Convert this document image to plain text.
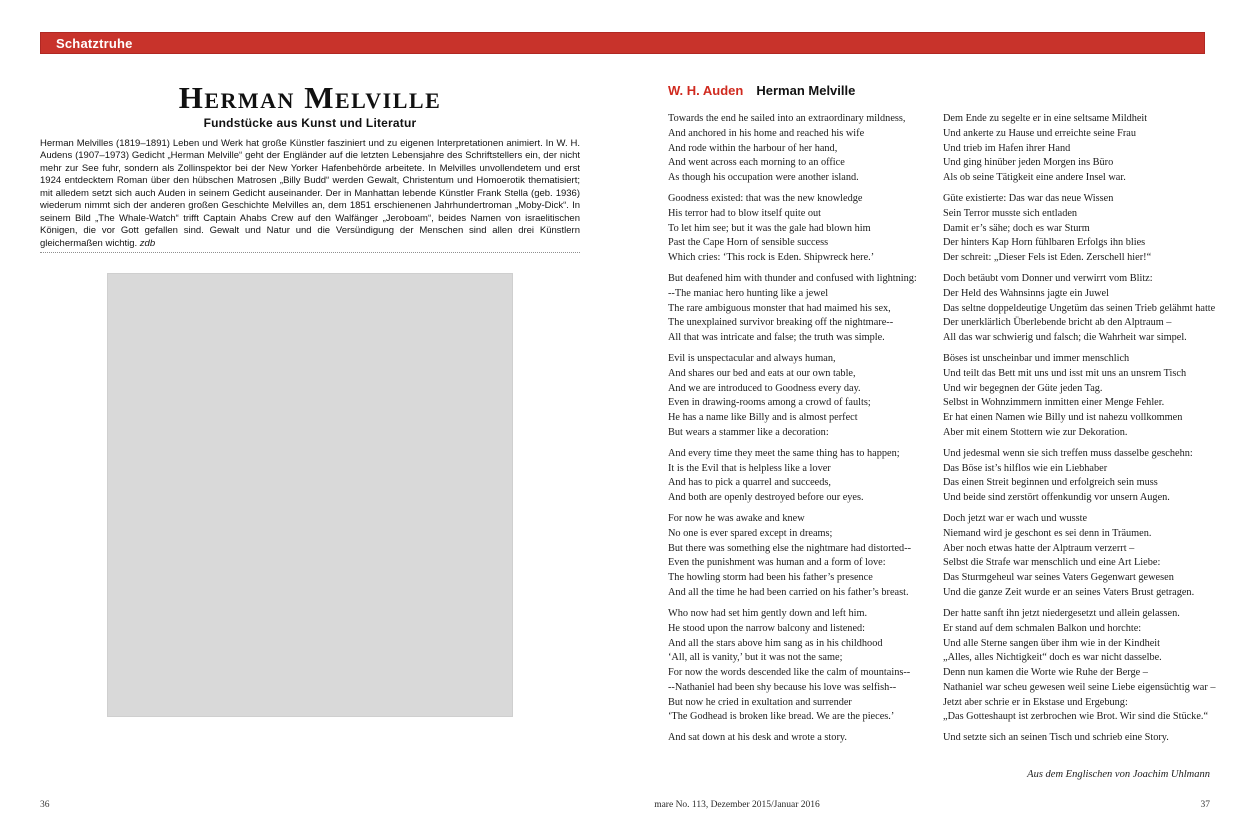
Schatztruhe
Herman Melville
Fundstücke aus Kunst und Literatur

Herman Melvilles (1819–1891) Leben und Werk hat große Künstler fasziniert und zu eigenen Interpretationen animiert. In W. H. Audens (1907–1973) Gedicht „Herman Melville“ geht der Engländer auf die letzten Lebensjahre des Schriftstellers ein, der nicht mehr zur See fuhr, sondern als Zollinspektor bei der New Yorker Hafenbehörde arbeitete. In Melvilles unvollendetem und erst 1924 entdecktem Roman über den hübschen Matrosen „Billy Budd“ werden Gewalt, Christentum und Homoerotik thematisiert; mit alledem setzt sich auch Auden in seinem Gedicht auseinander. Der in Manhattan lebende Künstler Frank Stella (geb. 1936) wiederum nimmt sich der anderen großen Geschichte Melvilles an, dem 1851 erschienenen Jahrhundertroman „Moby-Dick“. In seinem Bild „The Whale-Watch“ trifft Captain Ahabs Crew auf den Walfänger „Jeroboam“, beides Namen von israelitischen Königen, die vor Gott gefallen sind. Gewalt und Natur und die Versündigung der Menschen sind allen drei Künstlern gleichermaßen wichtig. zdb

W. H. Auden Herman Melville
Towards the end he sailed into an extraordinary mildness,
And anchored in his home and reached his wife
And rode within the harbour of her hand,
And went across each morning to an office
As though his occupation were another island.
Goodness existed: that was the new knowledge
His terror had to blow itself quite out
To let him see; but it was the gale had blown him
Past the Cape Horn of sensible success
Which cries: ‘This rock is Eden. Shipwreck here.’
But deafened him with thunder and confused with lightning:
--The maniac hero hunting like a jewel
The rare ambiguous monster that had maimed his sex,
The unexplained survivor breaking off the nightmare--
All that was intricate and false; the truth was simple.
Evil is unspectacular and always human,
And shares our bed and eats at our own table,
And we are introduced to Goodness every day.
Even in drawing-rooms among a crowd of faults;
He has a name like Billy and is almost perfect
But wears a stammer like a decoration:
And every time they meet the same thing has to happen;
It is the Evil that is helpless like a lover
And has to pick a quarrel and succeeds,
And both are openly destroyed before our eyes.
For now he was awake and knew
No one is ever spared except in dreams;
But there was something else the nightmare had distorted--
Even the punishment was human and a form of love:
The howling storm had been his father’s presence
And all the time he had been carried on his father’s breast.
Who now had set him gently down and left him.
He stood upon the narrow balcony and listened:
And all the stars above him sang as in his childhood
‘All, all is vanity,’ but it was not the same;
For now the words descended like the calm of mountains--
--Nathaniel had been shy because his love was selfish--
But now he cried in exultation and surrender
‘The Godhead is broken like bread. We are the pieces.’
And sat down at his desk and wrote a story.
Dem Ende zu segelte er in eine seltsame Mildheit
Und ankerte zu Hause und erreichte seine Frau
Und trieb im Hafen ihrer Hand
Und ging hinüber jeden Morgen ins Büro
Als ob seine Tätigkeit eine andere Insel war.
Güte existierte: Das war das neue Wissen
Sein Terror musste sich entladen
Damit er’s sähe; doch es war Sturm
Der hinters Kap Horn fühlbaren Erfolgs ihn blies
Der schreit: „Dieser Fels ist Eden. Zerschell hier!“
Doch betäubt vom Donner und verwirrt vom Blitz:
Der Held des Wahnsinns jagte ein Juwel
Das seltne doppeldeutige Ungetüm das seinen Trieb gelähmt hatte
Der unerklärlich Überlebende bricht ab den Alptraum –
All das war schwierig und falsch; die Wahrheit war simpel.
Böses ist unscheinbar und immer menschlich
Und teilt das Bett mit uns und isst mit uns an unsrem Tisch
Und wir begegnen der Güte jeden Tag.
Selbst in Wohnzimmern inmitten einer Menge Fehler.
Er hat einen Namen wie Billy und ist nahezu vollkommen
Aber mit einem Stottern wie zur Dekoration.
Und jedesmal wenn sie sich treffen muss dasselbe geschehn:
Das Böse ist’s hilflos wie ein Liebhaber
Das einen Streit beginnen und erfolgreich sein muss
Und beide sind zerstört offenkundig vor unsern Augen.
Doch jetzt war er wach und wusste
Niemand wird je geschont es sei denn in Träumen.
Aber noch etwas hatte der Alptraum verzerrt –
Selbst die Strafe war menschlich und eine Art Liebe:
Das Sturmgeheul war seines Vaters Gegenwart gewesen
Und die ganze Zeit wurde er an seines Vaters Brust getragen.
Der hatte sanft ihn jetzt niedergesetzt und allein gelassen.
Er stand auf dem schmalen Balkon und horchte:
Und alle Sterne sangen über ihm wie in der Kindheit
„Alles, alles Nichtigkeit“ doch es war nicht dasselbe.
Denn nun kamen die Worte wie Ruhe der Berge –
Nathaniel war scheu gewesen weil seine Liebe eigensüchtig war –
Jetzt aber schrie er in Ekstase und Ergebung:
„Das Gotteshaupt ist zerbrochen wie Brot. Wir sind die Stücke.“
Und setzte sich an seinen Tisch und schrieb eine Story.
Aus dem Englischen von Joachim Uhlmann
36	mare No. 113, Dezember 2015/Januar 2016	37
